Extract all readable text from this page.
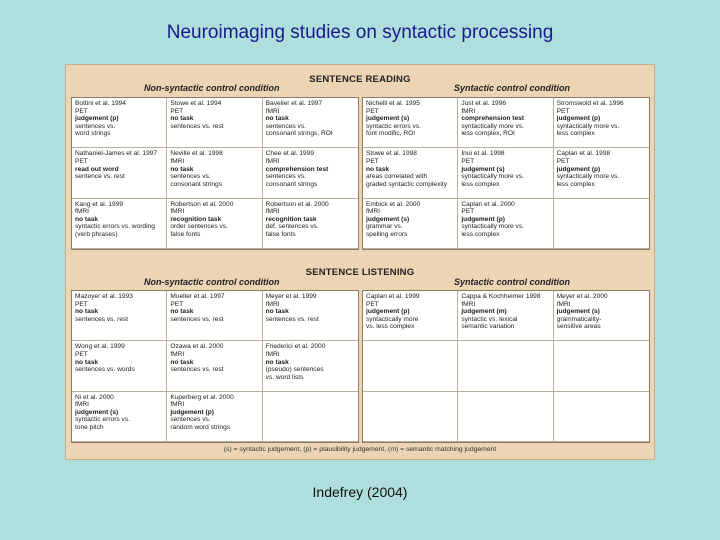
Neuroimaging studies on syntactic processing
SENTENCE READING
Non-syntactic control condition	Syntactic control condition
Bottini et al. 1994
PET
judgement (p)
sentences vs.
word strings
Stowe et al. 1994
PET
no task
sentences vs. rest
Bavelier et al. 1997
fMRI
no task
sentences vs.
consonant strings, ROI
Nathaniel-James et al. 1997
PET
read out word
sentence vs. rest
Neville et al. 1998
fMRI
no task
sentences vs.
consonant strings
Chee et al. 1999
fMRI
comprehension test
sentences vs.
consonant strings
Kang et al. 1999
fMRI
no task
syntactic errors vs. wording
(verb phrases)
Robertson et al. 2000
fMRI
recognition task
order sentences vs.
false fonts
Robertson et al. 2000
fMRI
recognition task
def. sentences vs.
false fonts
Nichelli et al. 1995
PET
judgement (s)
syntactic errors vs.
font modific, ROI
Just et al. 1996
fMRI
comprehension test
syntactically more vs.
less complex, ROI
Stromswold et al. 1996
PET
judgement (p)
syntactically more vs.
less complex
Stowe et al. 1998
PET
no task
areas correlated with
graded syntactic complexity
Inui et al. 1998
PET
judgement (s)
syntactically more vs.
less complex
Caplan et al. 1998
PET
judgement (p)
syntactically more vs.
less complex
Embick et al. 2000
fMRI
judgement (s)
grammar vs.
spelling errors
Caplan et al. 2000
PET
judgement (p)
syntactically more vs.
less complex
SENTENCE LISTENING
Non-syntactic control condition	Syntactic control condition
Mazoyer et al. 1993
PET
no task
sentences vs. rest
Mueller et al. 1997
PET
no task
sentences vs. rest
Meyer et al. 1999
fMRI
no task
sentences vs. rest
Wong et al. 1999
PET
no task
sentences vs. words
Ozawa et al. 2000
fMRI
no task
sentences vs. rest
Friederici et al. 2000
fMRI
no task
(pseudo) sentences
vs. word lists
Ni et al. 2000
fMRI
judgement (s)
syntactic errors vs.
tone pitch
Kuperberg et al. 2000
fMRI
judgement (p)
sentences vs.
random word strings
Caplan et al. 1999
PET
judgement (p)
syntactically more
vs. less complex
Cappa & Kochheimer 1998
fMRI
judgement (m)
syntactic vs. lexical
semantic variation
Meyer et al. 2000
fMRI
judgement (s)
grammaticality-
sensitive areas
(s) = syntactic judgement, (p) = plausibility judgement, (m) = semantic matching judgement
Indefrey (2004)
